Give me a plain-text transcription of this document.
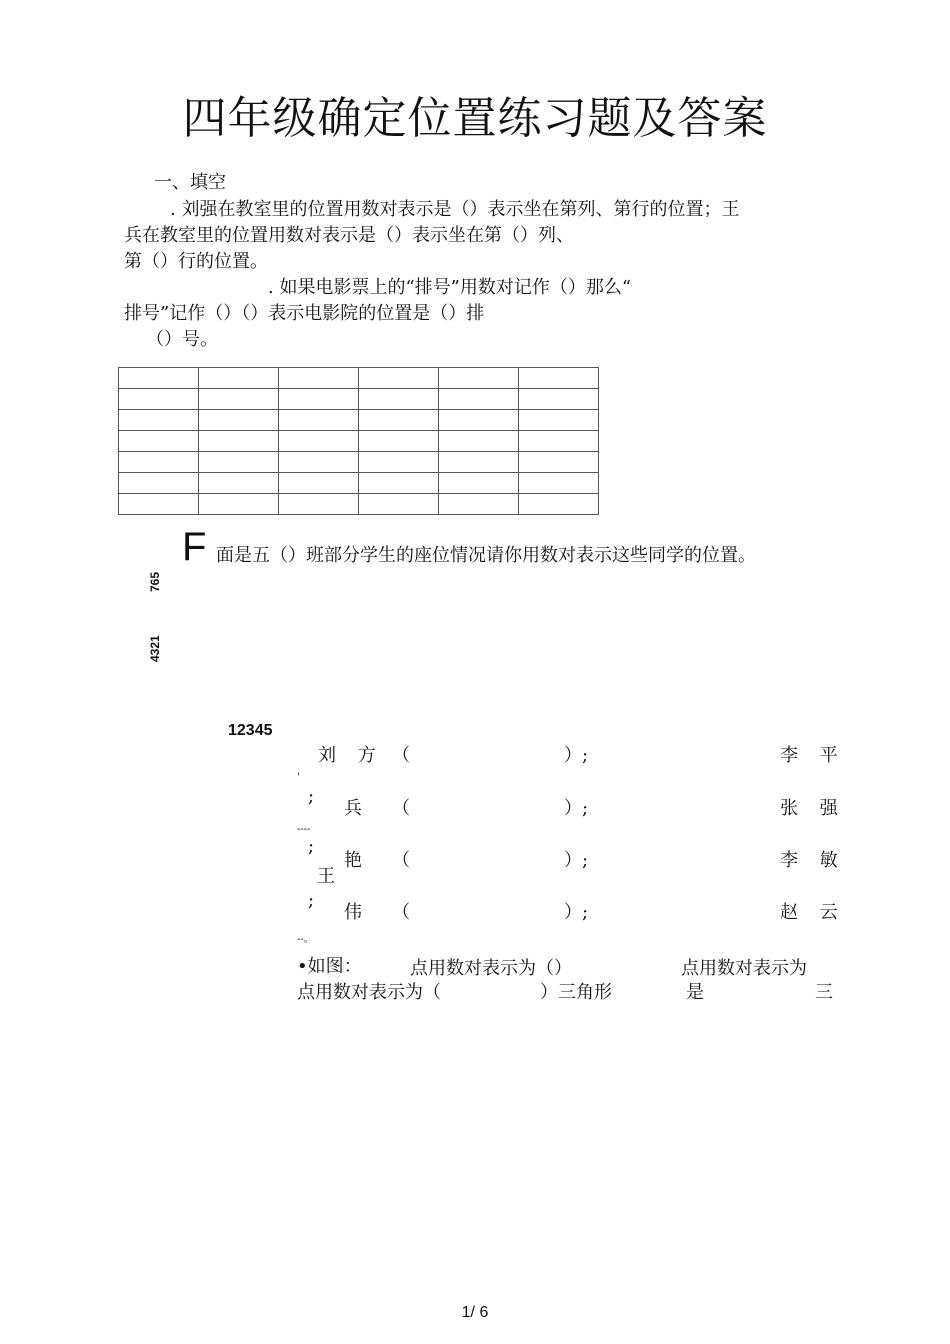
四年级确定位置练习题及答案
一、填空
. 刘强在教室里的位置用数对表示是（）表示坐在第列、第行的位置；王
兵在教室里的位置用数对表示是（）表示坐在第（）列、
第（）行的位置。
. 如果电影票上的“排号”用数对记作（）那么“
排号”记作（）（）表示电影院的位置是（）排
（）号。

F 面是五（）班部分学生的座位情况请你用数对表示这些同学的位置。
765
4321
12345
刘 方 （	）;	李 平
'
;
兵 （	）;	张 强
----
;
艳 （	）;	李 敏
王
;
伟 （	）;	赵 云
--。
•如图：	点用数对表示为（）	点用数对表示为
点用数对表示为（	）三角形	是	三
1/ 6
